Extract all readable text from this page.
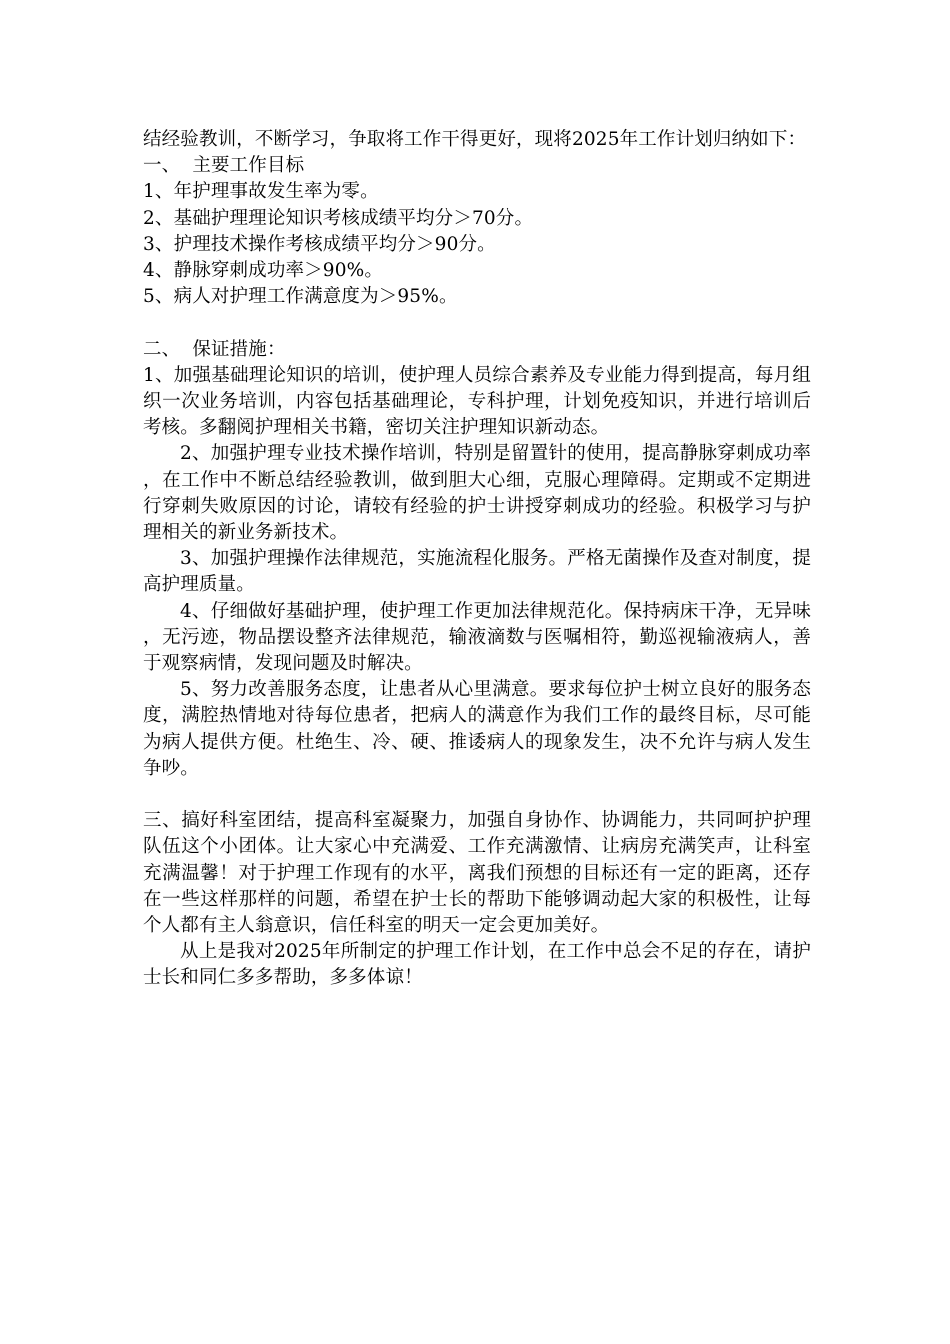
结经验教训，不断学习，争取将工作干得更好，现将2025年工作计划归纳如下：

一、  主要工作目标

1、年护理事故发生率为零。

2、基础护理理论知识考核成绩平均分＞70分。

3、护理技术操作考核成绩平均分＞90分。

4、静脉穿刺成功率＞90%。

5、病人对护理工作满意度为＞95%。

二、  保证措施：

1、加强基础理论知识的培训，使护理人员综合素养及专业能力得到提高，每月组织一次业务培训，内容包括基础理论，专科护理，计划免疫知识，并进行培训后考核。多翻阅护理相关书籍，密切关注护理知识新动态。

2、加强护理专业技术操作培训，特别是留置针的使用，提高静脉穿刺成功率，在工作中不断总结经验教训，做到胆大心细，克服心理障碍。定期或不定期进行穿刺失败原因的讨论，请较有经验的护士讲授穿刺成功的经验。积极学习与护理相关的新业务新技术。

3、加强护理操作法律规范，实施流程化服务。严格无菌操作及查对制度，提高护理质量。

4、仔细做好基础护理，使护理工作更加法律规范化。保持病床干净，无异味，无污迹，物品摆设整齐法律规范，输液滴数与医嘱相符，勤巡视输液病人，善于观察病情，发现问题及时解决。

5、努力改善服务态度，让患者从心里满意。要求每位护士树立良好的服务态度，满腔热情地对待每位患者，把病人的满意作为我们工作的最终目标，尽可能为病人提供方便。杜绝生、冷、硬、推诿病人的现象发生，决不允许与病人发生争吵。

三、搞好科室团结，提高科室凝聚力，加强自身协作、协调能力，共同呵护护理队伍这个小团体。让大家心中充满爱、工作充满激情、让病房充满笑声，让科室充满温馨！对于护理工作现有的水平，离我们预想的目标还有一定的距离，还存在一些这样那样的问题，希望在护士长的帮助下能够调动起大家的积极性，让每个人都有主人翁意识，信任科室的明天一定会更加美好。

从上是我对2025年所制定的护理工作计划，在工作中总会不足的存在，请护士长和同仁多多帮助，多多体谅！
